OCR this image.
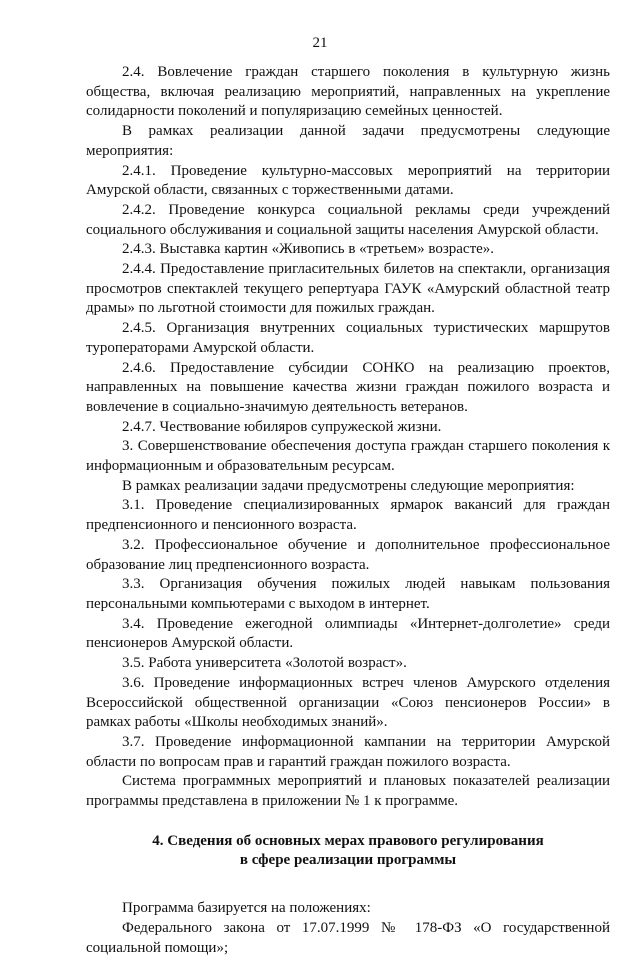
21

2.4. Вовлечение граждан старшего поколения в культурную жизнь общества, включая реализацию мероприятий, направленных на укрепление солидарности поколений и популяризацию семейных ценностей.

В рамках реализации данной задачи предусмотрены следующие мероприятия:

2.4.1. Проведение культурно-массовых мероприятий на территории Амурской области, связанных с торжественными датами.

2.4.2. Проведение конкурса социальной рекламы среди учреждений социального обслуживания и социальной защиты населения Амурской области.

2.4.3. Выставка картин «Живопись в «третьем» возрасте».

2.4.4. Предоставление пригласительных билетов на спектакли, организация просмотров спектаклей текущего репертуара ГАУК «Амурский областной театр драмы» по льготной стоимости для пожилых граждан.

2.4.5. Организация внутренних социальных туристических маршрутов туроператорами Амурской области.

2.4.6. Предоставление субсидии СОНКО на реализацию проектов, направленных на повышение качества жизни граждан пожилого возраста и вовлечение в социально-значимую деятельность ветеранов.

2.4.7. Чествование юбиляров супружеской жизни.

3. Совершенствование обеспечения доступа граждан старшего поколения к информационным и образовательным ресурсам.

В рамках реализации задачи предусмотрены следующие мероприятия:

3.1. Проведение специализированных ярмарок вакансий для граждан предпенсионного и пенсионного возраста.

3.2. Профессиональное обучение и дополнительное профессиональное образование лиц предпенсионного возраста.

3.3. Организация обучения пожилых людей навыкам пользования персональными компьютерами с выходом в интернет.

3.4. Проведение ежегодной олимпиады «Интернет-долголетие» среди пенсионеров Амурской области.

3.5. Работа университета «Золотой возраст».

3.6. Проведение информационных встреч членов Амурского отделения Всероссийской общественной организации «Союз пенсионеров России» в рамках работы «Школы необходимых знаний».

3.7. Проведение информационной кампании на территории Амурской области по вопросам прав и гарантий граждан пожилого возраста.

Система программных мероприятий и плановых показателей реализации программы представлена в приложении № 1 к программе.

4. Сведения об основных мерах правового регулирования
в сфере реализации программы

Программа базируется на положениях:

Федерального закона от 17.07.1999 № 178-ФЗ «О государственной социальной помощи»;
